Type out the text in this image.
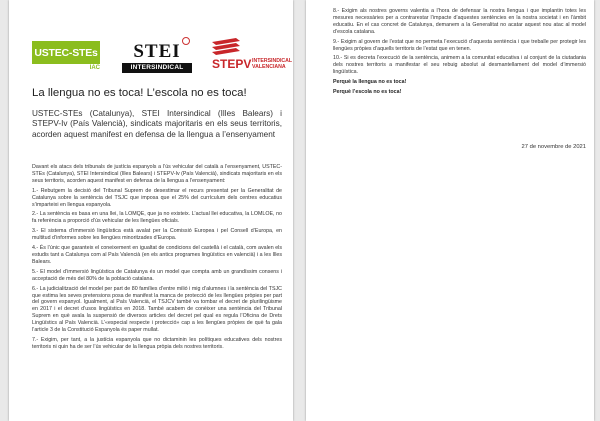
USTEC-STEs
IAC
STEI
INTERSINDICAL	STEPV INTERSINDICAL
VALENCIANA
La llengua no es toca! L’escola no es toca!

USTEC-STEs (Catalunya), STEI Intersindical (Illes Balears) i STEPV-Iv (País Valencià), sindicats majoritaris en els seus territoris, acorden aquest manifest en defensa de la llengua a l’ensenyament

Davant els atacs dels tribunals de justícia espanyols a l’ús vehicular del català a l’ensenyament, USTEC-STEs (Catalunya), STEI Intersindical (Illes Balears) i STEPV-Iv (País Valencià), sindicats majoritaris en els seus territoris, acorden aquest manifest en defensa de la llengua a l’ensenyament:

1.- Rebutgem la decisió del Tribunal Suprem de desestimar el recurs presentat per la Generalitat de Catalunya sobre la sentència del TSJC que imposa que el 25% del currículum dels centres educatius s’imparteixi en llengua espanyola.

2.- La sentència es basa en una llei, la LOMQE, que ja no existeix. L’actual llei educativa, la LOMLOE, no fa referència a proporció d’ús vehicular de les llengües oficials.

3.- El sistema d’immersió lingüística està avalat per la Comissió Europea i pel Consell d’Europa, en multitud d’informes sobre les llengües minoritzades d’Europa.

4.- És l’únic que garanteix el coneixement en igualtat de condicions del castellà i el català, com avalen els estudis tant a Catalunya com al País Valencià (en els antics programes lingüístics en valencià) i a les Illes Balears.

5.- El model d’immersió lingüística de Catalunya és un model que compta amb un grandíssim consens i acceptació de més del 80% de la població catalana.

6.- La judicialització del model per part de 80 famílies d’entre milió i mig d’alumnes i la sentència del TSJC que estima les seves pretensions posa de manifest la manca de protecció de les llengües pròpies per part del govern espanyol. Igualment, al País Valencià, el TSJCV també va tombar el decret de plurilingüisme en 2017 i el decret d’usos lingüístics en 2018. També acabem de conèixer una sentència del Tribunal Suprem en què avala la suspensió de diversos articles del decret pel qual es regula l’Oficina de Drets Lingüístics al País Valencià. L’«especial respecte i protecció» cap a les llengües pròpies de què fa gala l’article 3 de la Constitució Espanyola és paper mullat.

7.- Exigim, per tant, a la justícia espanyola que no dictaminin les polítiques educatives dels nostres territoris ni quin ha de ser l’ús vehicular de la llengua pròpia dels nostres territoris.

8.- Exigim als nostres governs valentia a l’hora de defensar la nostra llengua i que implantin totes les mesures necessàries per a contrarestar l’impacte d’aquestes sentències en la nostra societat i en l’àmbit educatiu. En el cas concret de Catalunya, demanem a la Generalitat no acatar aquest nou atac al model d’escola catalana.

9.- Exigim al govern de l’estat que no permeta l’execució d’aquesta sentència i que treballe per protegir les llengües pròpies d’aquells territoris de l’estat que en tenen.

10.- Si es decreta l’execució de la sentència, animem a la comunitat educativa i al conjunt de la ciutadania dels nostres territoris a manifestar el seu rebuig absolut al desmantellament del model d’immersió lingüística.

Perquè la llengua no es toca!

Perquè l’escola no es toca!

27 de novembre de 2021
